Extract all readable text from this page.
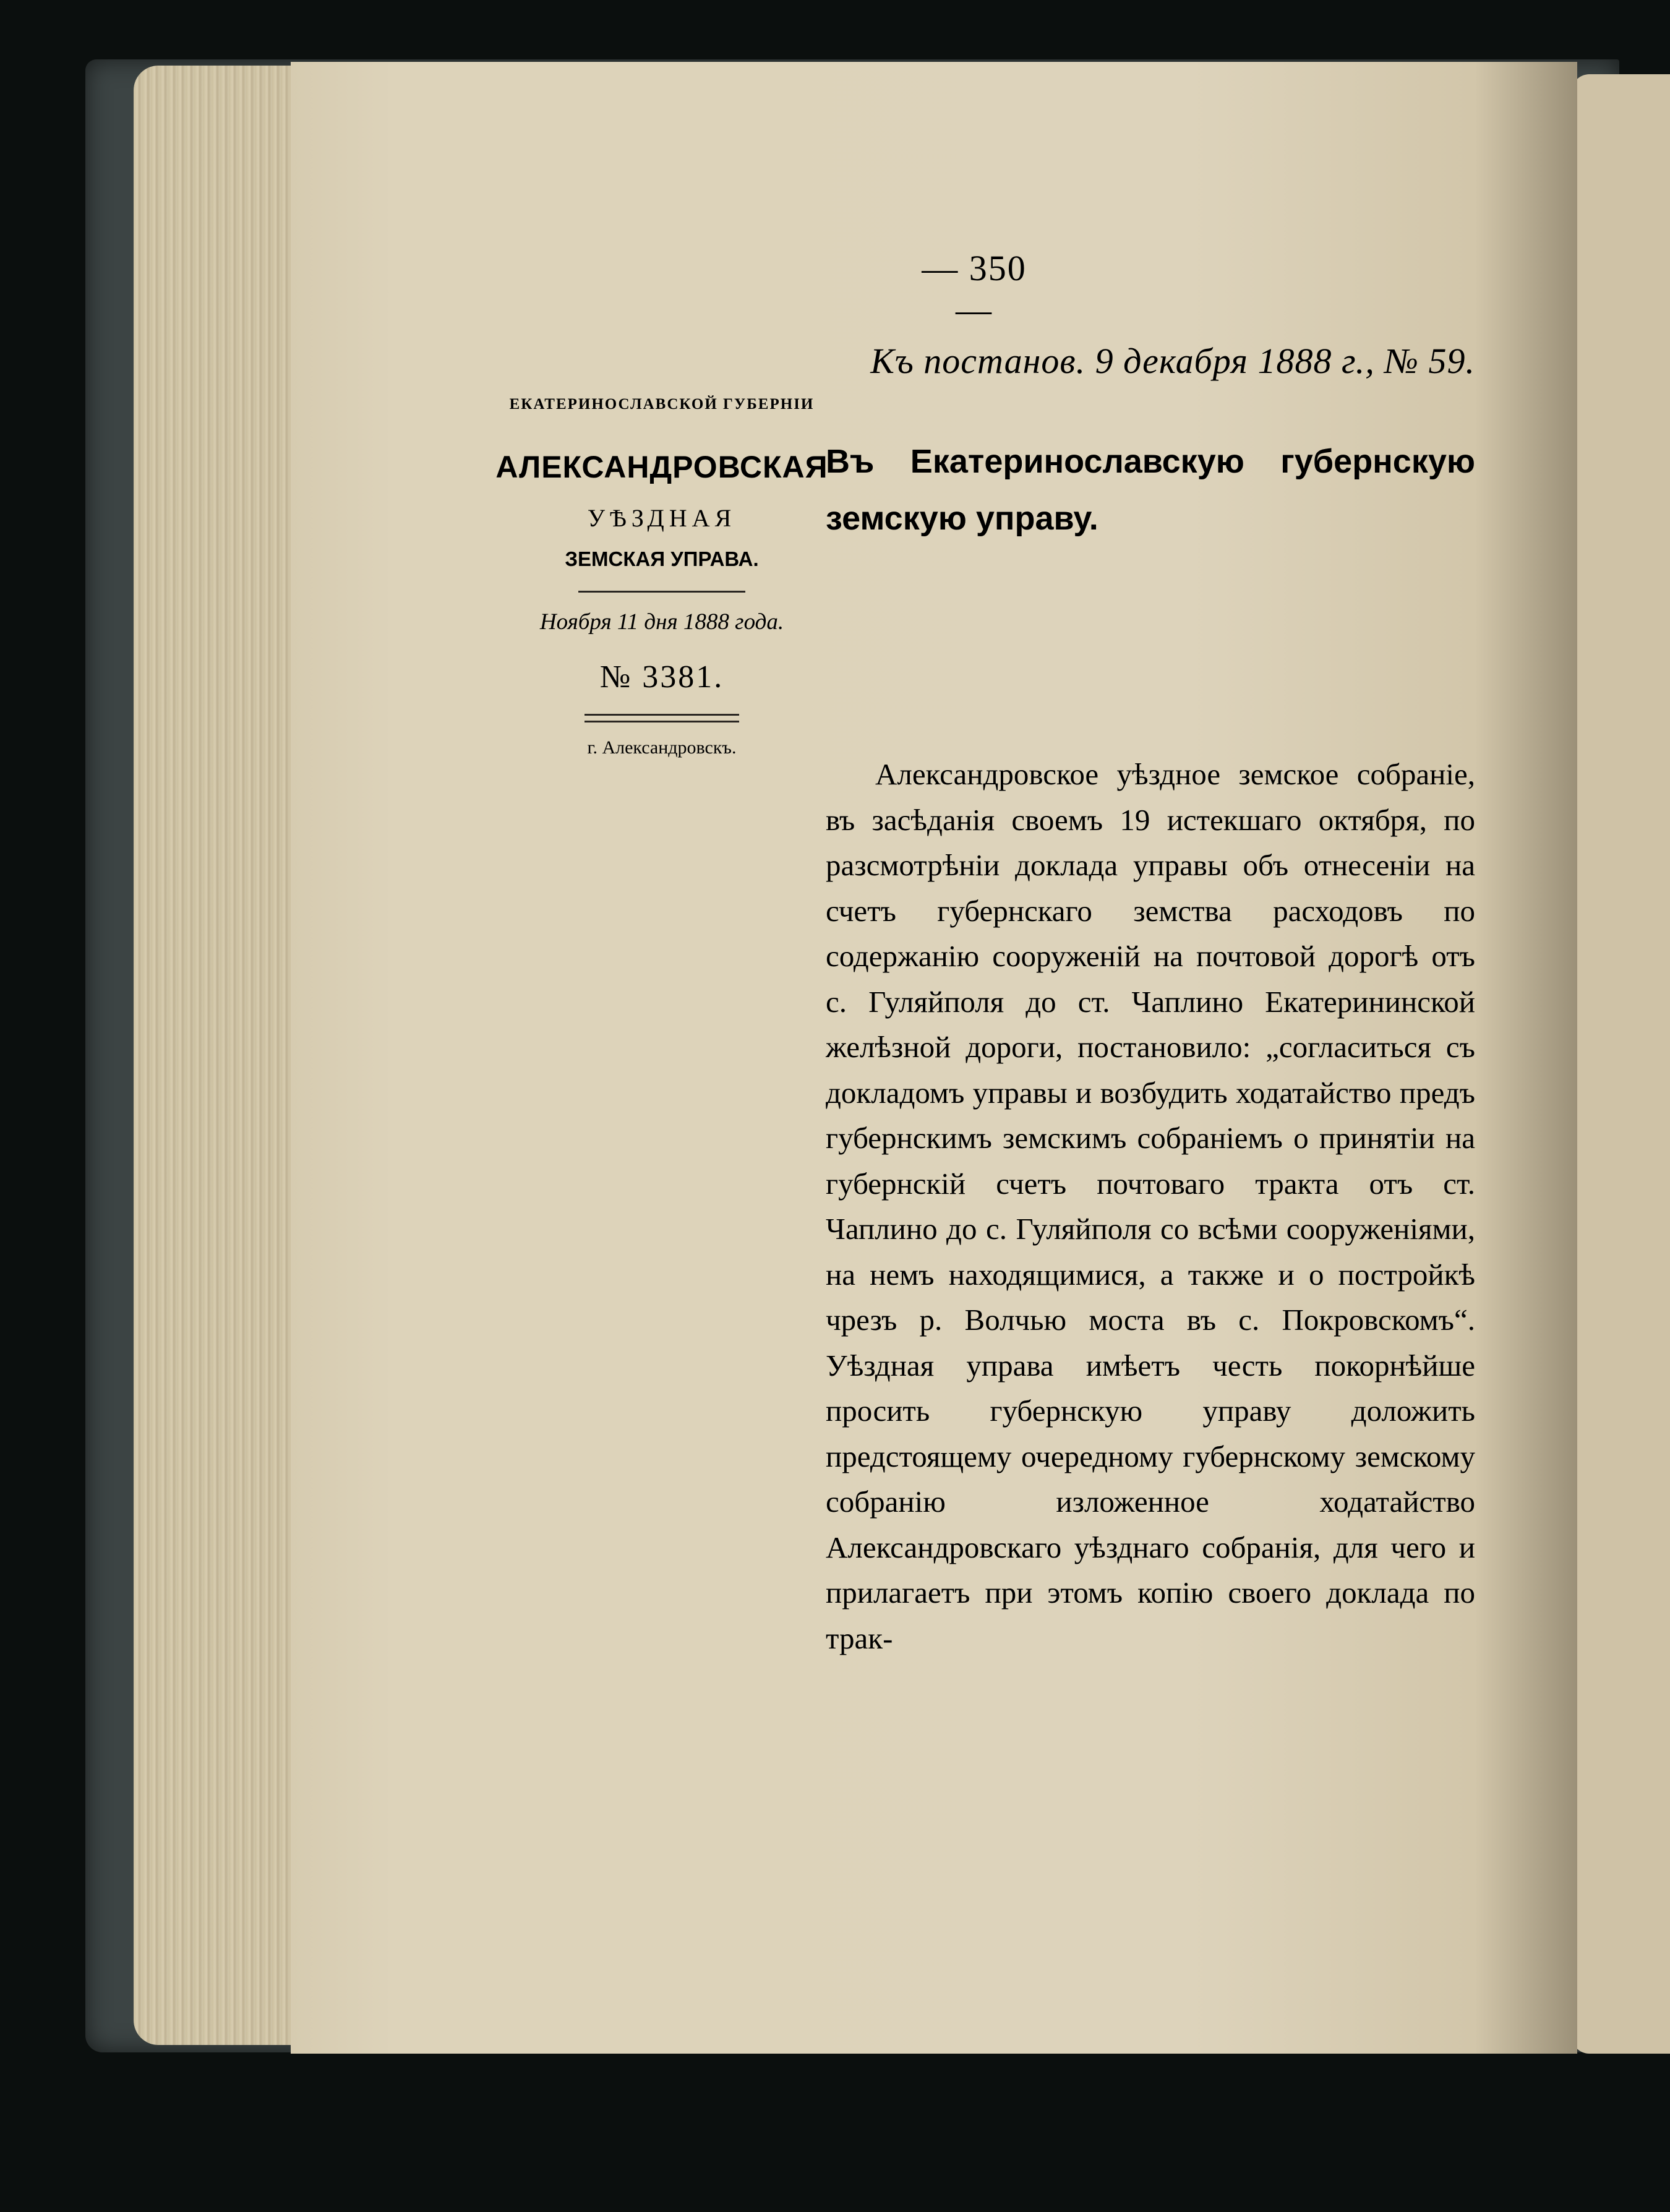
— 350 —
Къ постанов. 9 декабря 1888 г., № 59.
ЕКАТЕРИНОСЛАВСКОЙ ГУБЕРНІИ
АЛЕКСАНДРОВСКАЯ
УѢЗДНАЯ
ЗЕМСКАЯ УПРАВА.
Ноября 11 дня 1888 года.
№ 3381.
г. Александровскъ.
Въ Екатеринославскую губернскую земскую управу.
Александровское уѣздное земское собраніе, въ засѣданія своемъ 19 истекшаго октября, по разсмотрѣніи доклада управы объ отнесеніи на счетъ губернскаго земства расходовъ по содержанію сооруженій на почтовой дорогѣ отъ с. Гуляйполя до ст. Чаплино Екатерининской желѣзной дороги, постановило: „согласиться съ докладомъ управы и возбудить ходатайство предъ губернскимъ земскимъ собраніемъ о принятіи на губернскій счетъ почтоваго тракта отъ ст. Чаплино до с. Гуляйполя со всѣми сооруженіями, на немъ находящимися, а также и о постройкѣ чрезъ р. Волчью моста въ с. Покровскомъ“. Уѣздная управа имѣетъ честь покорнѣйше просить губернскую управу доложить предстоящему очередному губернскому земскому собранію изложенное ходатайство Александровскаго уѣзднаго собранія, для чего и прилагаетъ при этомъ копію своего доклада по трак-
